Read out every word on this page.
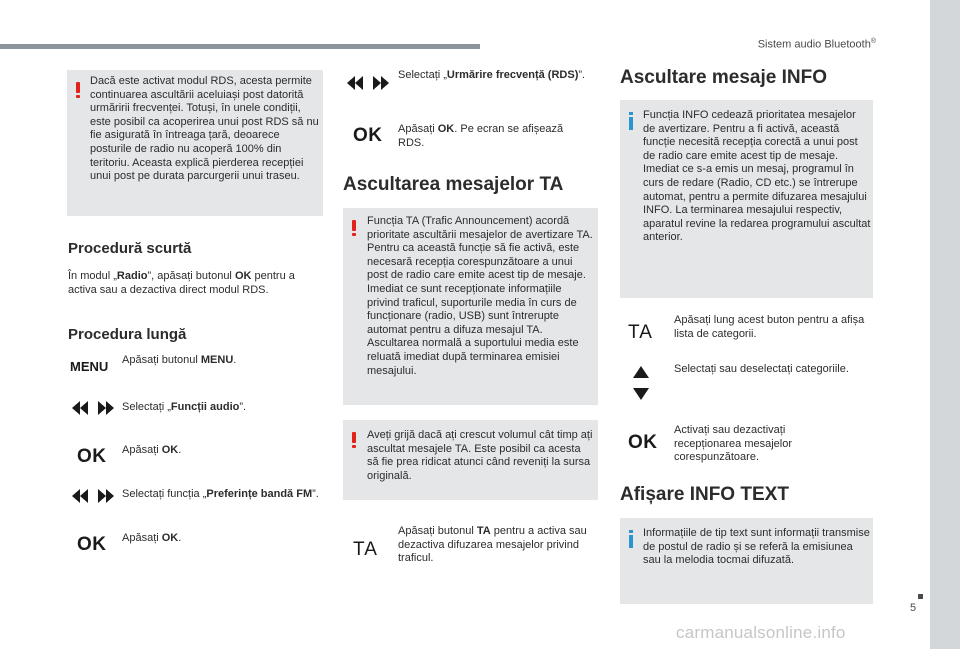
Sistem audio Bluetooth®
5
carmanualsonline.info
Dacă este activat modul RDS, acesta permite continuarea ascultării aceluiași post datorită urmăririi frecvenței. Totuși, în unele condiții, este posibil ca acoperirea unui post RDS să nu fie asigurată în întreaga țară, deoarece posturile de radio nu acoperă 100% din teritoriu. Aceasta explică pierderea recepției unui post pe durata parcurgerii unui traseu.
Procedură scurtă
În modul „Radio”, apăsați butonul OK pentru a activa sau a dezactiva direct modul RDS.
Procedura lungă
MENU Apăsați butonul MENU.
Selectați „Funcții audio”.
OK Apăsați OK.
Selectați funcția „Preferințe bandă FM”.
OK Apăsați OK.
Selectați „Urmărire frecvență (RDS)”.
OK Apăsați OK. Pe ecran se afișează RDS.
Ascultarea mesajelor TA
Funcția TA (Trafic Announcement) acordă prioritate ascultării mesajelor de avertizare TA. Pentru ca această funcție să fie activă, este necesară recepția corespunzătoare a unui post de radio care emite acest tip de mesaje. Imediat ce sunt recepționate informațiile privind traficul, suporturile media în curs de funcționare (radio, USB) sunt întrerupte automat pentru a difuza mesajul TA. Ascultarea normală a suportului media este reluată imediat după terminarea emisiei mesajului.
Aveți grijă dacă ați crescut volumul cât timp ați ascultat mesajele TA. Este posibil ca acesta să fie prea ridicat atunci când reveniți la sursa originală.
TA
Apăsați butonul TA pentru a activa sau dezactiva difuzarea mesajelor privind traficul.
Ascultare mesaje INFO
Funcția INFO cedează prioritatea mesajelor de avertizare. Pentru a fi activă, această funcție necesită recepția corectă a unui post de radio care emite acest tip de mesaje. Imediat ce s-a emis un mesaj, programul în curs de redare (Radio, CD etc.) se întrerupe automat, pentru a permite difuzarea mesajului INFO. La terminarea mesajului respectiv, aparatul revine la redarea programului ascultat anterior.
TA
Apăsați lung acest buton pentru a afișa lista de categorii.
Selectați sau deselectați categoriile.
OK
Activați sau dezactivați recepționarea mesajelor corespunzătoare.
Afișare INFO TEXT
Informațiile de tip text sunt informații transmise de postul de radio și se referă la emisiunea sau la melodia tocmai difuzată.
